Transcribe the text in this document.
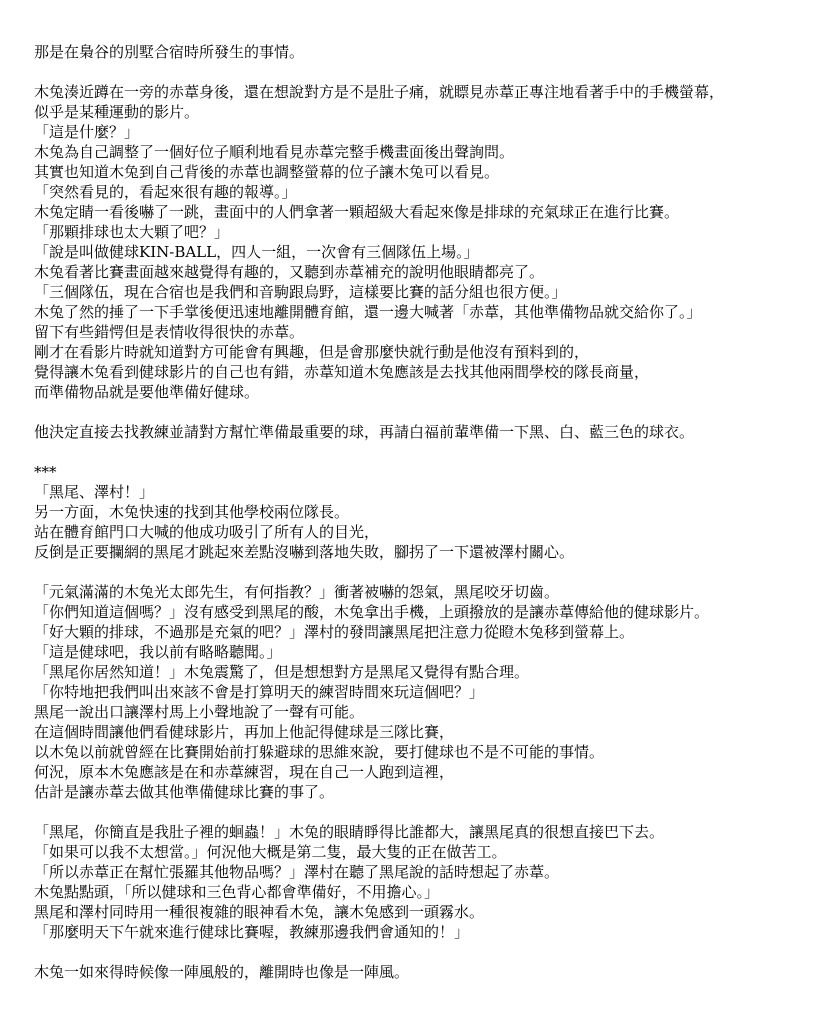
那是在梟谷的別墅合宿時所發生的事情。
木兔湊近蹲在一旁的赤葦身後，還在想說對方是不是肚子痛，就瞟見赤葦正專注地看著手中的手機螢幕，
似乎是某種運動的影片。
「這是什麼？」
木兔為自己調整了一個好位子順利地看見赤葦完整手機畫面後出聲詢問。
其實也知道木兔到自己背後的赤葦也調整螢幕的位子讓木兔可以看見。
「突然看見的，看起來很有趣的報導。」
木兔定睛一看後嚇了一跳，畫面中的人們拿著一顆超級大看起來像是排球的充氣球正在進行比賽。
「那顆排球也太大顆了吧？」
「說是叫做健球KIN-BALL，四人一組，一次會有三個隊伍上場。」
木兔看著比賽畫面越來越覺得有趣的，又聽到赤葦補充的說明他眼睛都亮了。
「三個隊伍，現在合宿也是我們和音駒跟烏野，這樣要比賽的話分組也很方便。」
木兔了然的捶了一下手掌後便迅速地離開體育館，還一邊大喊著「赤葦，其他準備物品就交給你了。」
留下有些錯愕但是表情收得很快的赤葦。
剛才在看影片時就知道對方可能會有興趣，但是會那麼快就行動是他沒有預料到的，
覺得讓木兔看到健球影片的自己也有錯，赤葦知道木兔應該是去找其他兩間學校的隊長商量，
而準備物品就是要他準備好健球。
他決定直接去找教練並請對方幫忙準備最重要的球，再請白福前輩準備一下黑、白、藍三色的球衣。
***
「黑尾、澤村！」
另一方面，木兔快速的找到其他學校兩位隊長。
站在體育館門口大喊的他成功吸引了所有人的目光，
反倒是正要攔網的黑尾才跳起來差點沒嚇到落地失敗，腳拐了一下還被澤村關心。
「元氣滿滿的木兔光太郎先生，有何指教？」衝著被嚇的怨氣，黑尾咬牙切齒。
「你們知道這個嗎？」沒有感受到黑尾的酸，木兔拿出手機，上頭撥放的是讓赤葦傳給他的健球影片。
「好大顆的排球，不過那是充氣的吧？」澤村的發問讓黑尾把注意力從瞪木兔移到螢幕上。
「這是健球吧，我以前有略略聽聞。」
「黑尾你居然知道！」木兔震驚了，但是想想對方是黑尾又覺得有點合理。
「你特地把我們叫出來該不會是打算明天的練習時間來玩這個吧？」
黑尾一說出口讓澤村馬上小聲地說了一聲有可能。
在這個時間讓他們看健球影片，再加上他記得健球是三隊比賽，
以木兔以前就曾經在比賽開始前打躲避球的思維來說，要打健球也不是不可能的事情。
何況，原本木兔應該是在和赤葦練習，現在自己一人跑到這裡，
估計是讓赤葦去做其他準備健球比賽的事了。
「黑尾，你簡直是我肚子裡的蛔蟲！」木兔的眼睛睜得比誰都大，讓黑尾真的很想直接巴下去。
「如果可以我不太想當。」何況他大概是第二隻，最大隻的正在做苦工。
「所以赤葦正在幫忙張羅其他物品嗎？」澤村在聽了黑尾說的話時想起了赤葦。
木兔點點頭，「所以健球和三色背心都會準備好，不用擔心。」
黑尾和澤村同時用一種很複雜的眼神看木兔，讓木兔感到一頭霧水。
「那麼明天下午就來進行健球比賽喔，教練那邊我們會通知的！」
木兔一如來得時候像一陣風般的，離開時也像是一陣風。
